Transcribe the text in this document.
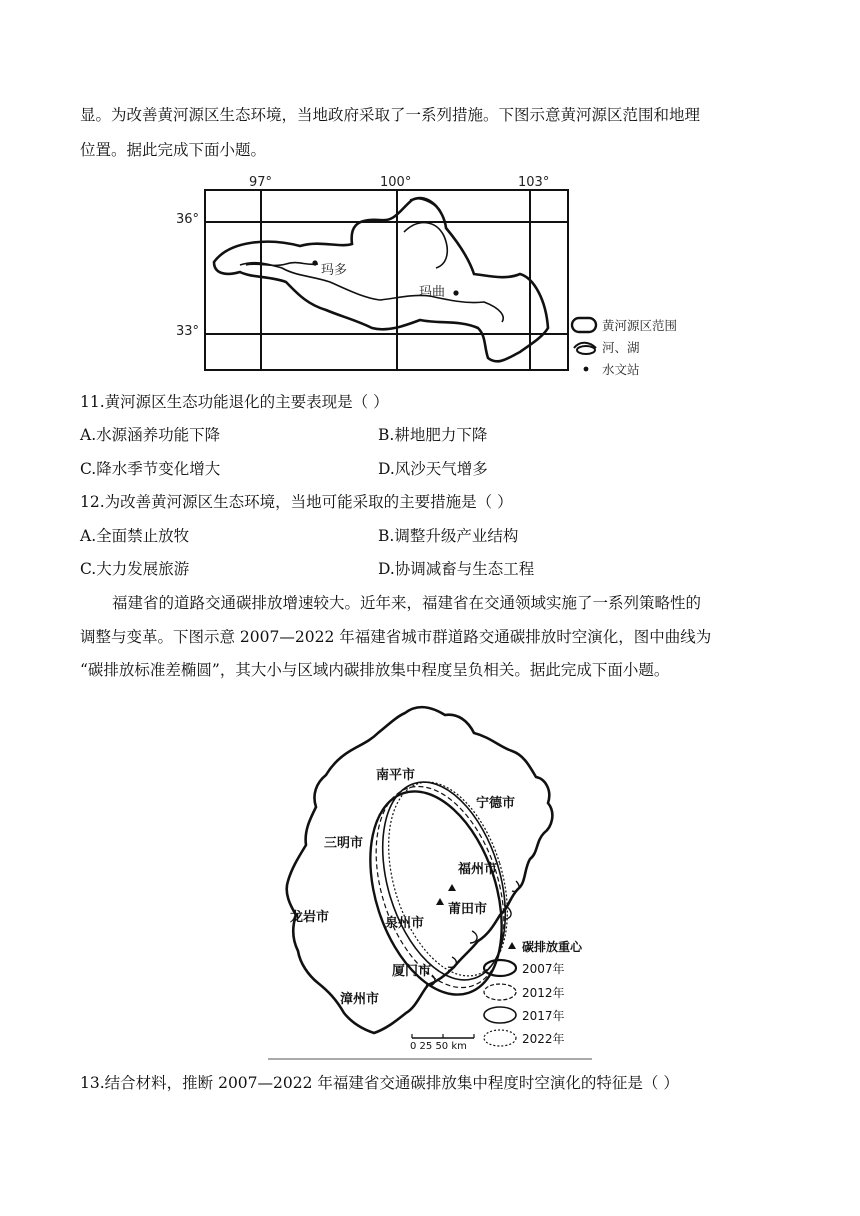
显。为改善黄河源区生态环境，当地政府采取了一系列措施。下图示意黄河源区范围和地理
位置。据此完成下面小题。
97°	100°	103°
36°
33°
玛多
玛曲
黄河源区范围
河、湖
水文站
11.黄河源区生态功能退化的主要表现是（ ）
A.水源涵养功能下降	B.耕地肥力下降
C.降水季节变化增大	D.风沙天气增多
12.为改善黄河源区生态环境，当地可能采取的主要措施是（ ）
A.全面禁止放牧	B.调整升级产业结构
C.大力发展旅游	D.协调减畜与生态工程
福建省的道路交通碳排放增速较大。近年来，福建省在交通领域实施了一系列策略性的
调整与变革。下图示意 2007—2022 年福建省城市群道路交通碳排放时空演化，图中曲线为
“碳排放标准差椭圆”，其大小与区域内碳排放集中程度呈负相关。据此完成下面小题。
南平市
宁德市
三明市
福州市
莆田市
龙岩市	泉州市
厦门市
漳州市
碳排放重心
2007年
2012年
2017年
2022年
0 25 50 km
13.结合材料，推断 2007—2022 年福建省交通碳排放集中程度时空演化的特征是（ ）
